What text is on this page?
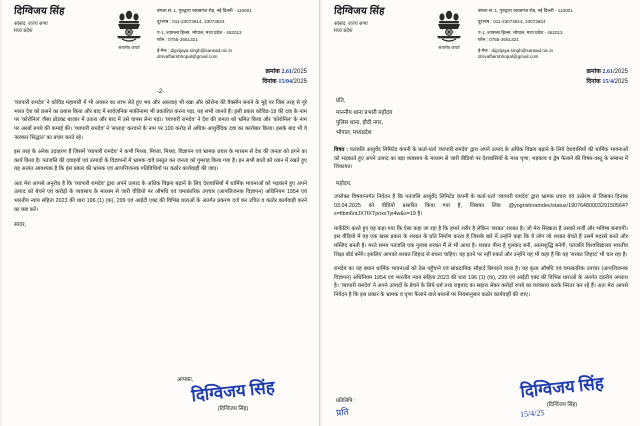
दिग्विजय सिंह
सांसद, राज्य सभा
मध्य प्रदेश
सत्यमेव जयते
बंगला सं. 1, गुरुद्वारा रकाबगंज रोड, नई दिल्ली - 110001
दूरभाष : 011-23073814, 23073824
ए-1, श्यामला हिल्स, भोपाल, मध्य प्रदेश - 462013
फोन : 0755-2661321
ई-मेल : digvijaya.singh@sansad.nic.in
drsvaffairsbhopal@gmail.com
क्रमांक 2.61/2025
दिनांक 15/04/2025
-2-

'व्यापारी रामदेव' ने कोविड महामारी में भी अवसर का लाभ लेते हुए भय और अफ़वाह भी रखा और कोरोना की वैक्सीन बनाने के मुद्दे पर जिस तरह से पूरे भारत देश को छलने का प्रयास किया और बाद में सार्वजनिक माफ़ीनामा भी प्रकाशित करना पड़ा, यह सभी जानते हैं। इसी प्रकार कोविड-19 की दवा के नाम पर 'कोरोनिल' जैसा प्रोडक्ट बाज़ार में उतारा और बाद में उसे वापस लेना पड़ा। 'व्यापारी रामदेव' ने देश की जनता को भ्रमित किया और 'कोरोनिल' के नाम पर अरबों रुपये की कमाई की। 'व्यापारी रामदेव' ने 'सप्ताह' करवाने के नाम पर 100 करोड़ से अधिक आयुर्वेदिक दवा का कारोबार किया। इसके बाद भी वे 'सरकार सिद्धांत' का प्रचार करते रहे।

इस तरह के अनेक उदाहरण हैं जिसमें 'व्यापारी रामदेव' ने कभी मिथ्या, मिथ्या, मिथ्या, विज्ञापन एवं भ्रामक प्रचार के माध्यम से देश की जनता को ठगने का कार्य किया है। पतंजलि की दवाइयों एवं उत्पादों के विज्ञापनों में भ्रामक दावे प्रस्तुत कर जनता को गुमराह किया गया है। इन सभी बातों को ध्यान में रखते हुए यह अत्यंत आवश्यक है कि इस प्रकार की भ्रामक एवं आपत्तिजनक गतिविधियों पर कठोर कार्यवाही की जाए।

अतः मेरा आपसे अनुरोध है कि 'व्यापारी रामदेव' द्वारा अपने उत्पाद के अधिक विक्रय बढ़ाने के लिए देशवासियों में धार्मिक भावनाओं को भड़काने हुए अपने उत्पाद को बेचने एवं करोड़ों के व्यवसाय के माध्यम से जारी वीडियो पर औषधि एवं चमत्कारिक उपचार (आपत्तिजनक विज्ञापन) अधिनियम 1954 एवं भारतीय न्याय संहिता 2023 की धारा 196 (1) (क), 299 एवं आईटी एक्ट की विभिन्न धाराओं के अंतर्गत प्रकरण दर्ज कर उचित व कठोर कार्यवाही करने का कष्ट करें।

सादर,
आपका,
दिग्विजय सिंह
(दिग्विजय सिंह)
दिग्विजय सिंह
सांसद, राज्य सभा
मध्य प्रदेश
सत्यमेव जयते
बंगला सं. 1, गुरुद्वारा रकाबगंज रोड, नई दिल्ली - 110001
दूरभाष : 011-23073814, 23073824
ए-1, श्यामला हिल्स, भोपाल, मध्य प्रदेश - 462013
फोन : 0755-2661321
ई-मेल : digvijaya.singh@sansad.nic.in
drsvaffairsbhopal@gmail.com
क्रमांक 2.61/2025
दिनांक 15/4/2025
प्रति,
माननीय थाना प्रभारी महोदय
पुलिस थाना, हौदी नगर,
भोपाल, मध्यप्रदेश
विषय : पतंजलि आयुर्वेद लिमिटेड कंपनी के कर्ता-धर्ता 'व्यापारी रामदेव' द्वारा अपने उत्पाद के अधिक विक्रय बढ़ाने के लिये देशवासियों की धार्मिक भावनाओं को भड़काते हुए अपने उत्पाद का बड़ा व्यवसाय के माध्यम से जारी वीडियो पर देशवासियों के मध्य घृणा, भड़काव व द्वेष फैलाने की विषय-वस्तु के सम्बन्ध में शिकायत।
महोदय,

उपरोक्त विषयान्तर्गत निवेदन है कि पतंजलि आयुर्वेद लिमिटेड कंपनी के कर्ता-धर्ता 'व्यापारी रामदेव' द्वारा भ्रामक प्रचार एवं उत्प्रेरण से जिसका दिनांक 03.04.2025 को वीडियो प्रसारित किया गया है, जिसका लिंक @yogrishiramdev/status/1907648000329150564?s=fibm6ntJX7tXTpnxsTyi4w&s=19 है।

मार्केटिंग करते हुए यह कहा गया कि ऐसा कहा जा रहा है कि हमारे शरीर है लेकिन 'शरबत' शरबत है। जो मेरा सिखाता है उसको मर्जी और भविष्य बनाएगी। इस वीडियो में वह एक खास प्रकार के शरबत के प्रति निर्माण करता है जिसके बारे में उन्होंने कहा कि ये लोग जो शरबत बेचते हैं उसमें मदरसे बनते और मस्जिद बनती है। मरते समय पतंजलि एक गुलाब शरबत मैं ले भी आया है। शरबत पीना है गुलकंद बनी, आत्मशुद्धि बनेगी, पतंजलि विश्वविद्यालय भारतीय शिक्षा बोर्ड बनेंगे। इसलिए आपको शरबत जिहाद से बचना चाहिए। वह इतने पर नहीं रुकते और उन्होंने यह भी कहा है कि यह 'शरबत जिहाद' भी चल रहा है।

रामदेव का यह बयान धार्मिक भावनाओं को ठेस पहुँचाने एवं सांप्रदायिक सौहार्द बिगाड़ने वाला है। यह कृत्य औषधि एवं चमत्कारिक उपचार (आपत्तिजनक विज्ञापन) अधिनियम 1954 एवं भारतीय न्याय संहिता 2023 की धारा 196 (1) (क), 299 एवं आईटी एक्ट की विभिन्न धाराओं के अंतर्गत दंडनीय अपराध है। 'व्यापारी रामदेव' ने अपने उत्पादों के बेचने के लिये धर्म तथा राष्ट्रवाद का सहारा लेकर करोड़ों रुपये का व्यवसाय करके निरंतर कर रहे हैं। अतः मेरा आपसे निवेदन है कि इस प्रकार के भ्रामक व घृणा फैलाने वाले बयानों पर नियमानुसार कठोर कार्यवाही की जाए।

दिग्विजय सिंह
(दिग्विजय सिंह)
प्रतिलिपि :
प्रति	15/4/25
